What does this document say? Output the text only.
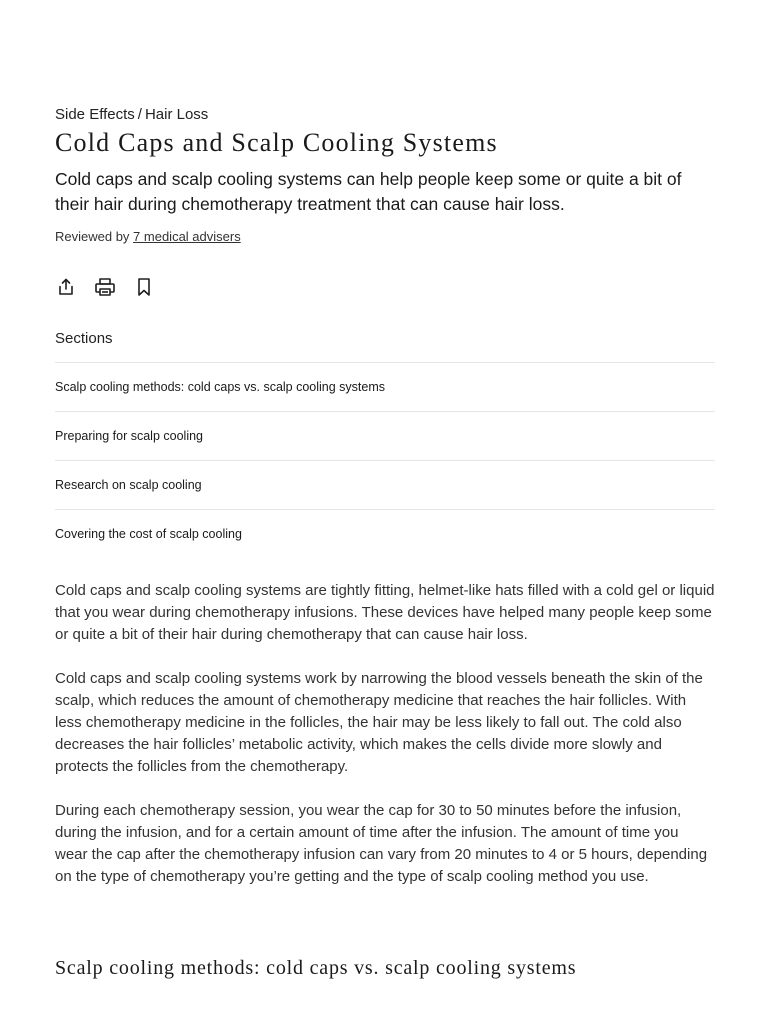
Side Effects / Hair Loss
Cold Caps and Scalp Cooling Systems

Cold caps and scalp cooling systems can help people keep some or quite a bit of their hair during chemotherapy treatment that can cause hair loss.

Reviewed by 7 medical advisers
Sections
Scalp cooling methods: cold caps vs. scalp cooling systems
Preparing for scalp cooling
Research on scalp cooling
Covering the cost of scalp cooling

Cold caps and scalp cooling systems are tightly fitting, helmet-like hats filled with a cold gel or liquid that you wear during chemotherapy infusions. These devices have helped many people keep some or quite a bit of their hair during chemotherapy that can cause hair loss.

Cold caps and scalp cooling systems work by narrowing the blood vessels beneath the skin of the scalp, which reduces the amount of chemotherapy medicine that reaches the hair follicles. With less chemotherapy medicine in the follicles, the hair may be less likely to fall out. The cold also decreases the hair follicles’ metabolic activity, which makes the cells divide more slowly and protects the follicles from the chemotherapy.

During each chemotherapy session, you wear the cap for 30 to 50 minutes before the infusion, during the infusion, and for a certain amount of time after the infusion. The amount of time you wear the cap after the chemotherapy infusion can vary from 20 minutes to 4 or 5 hours, depending on the type of chemotherapy you’re getting and the type of scalp cooling method you use.

Scalp cooling methods: cold caps vs. scalp cooling systems
